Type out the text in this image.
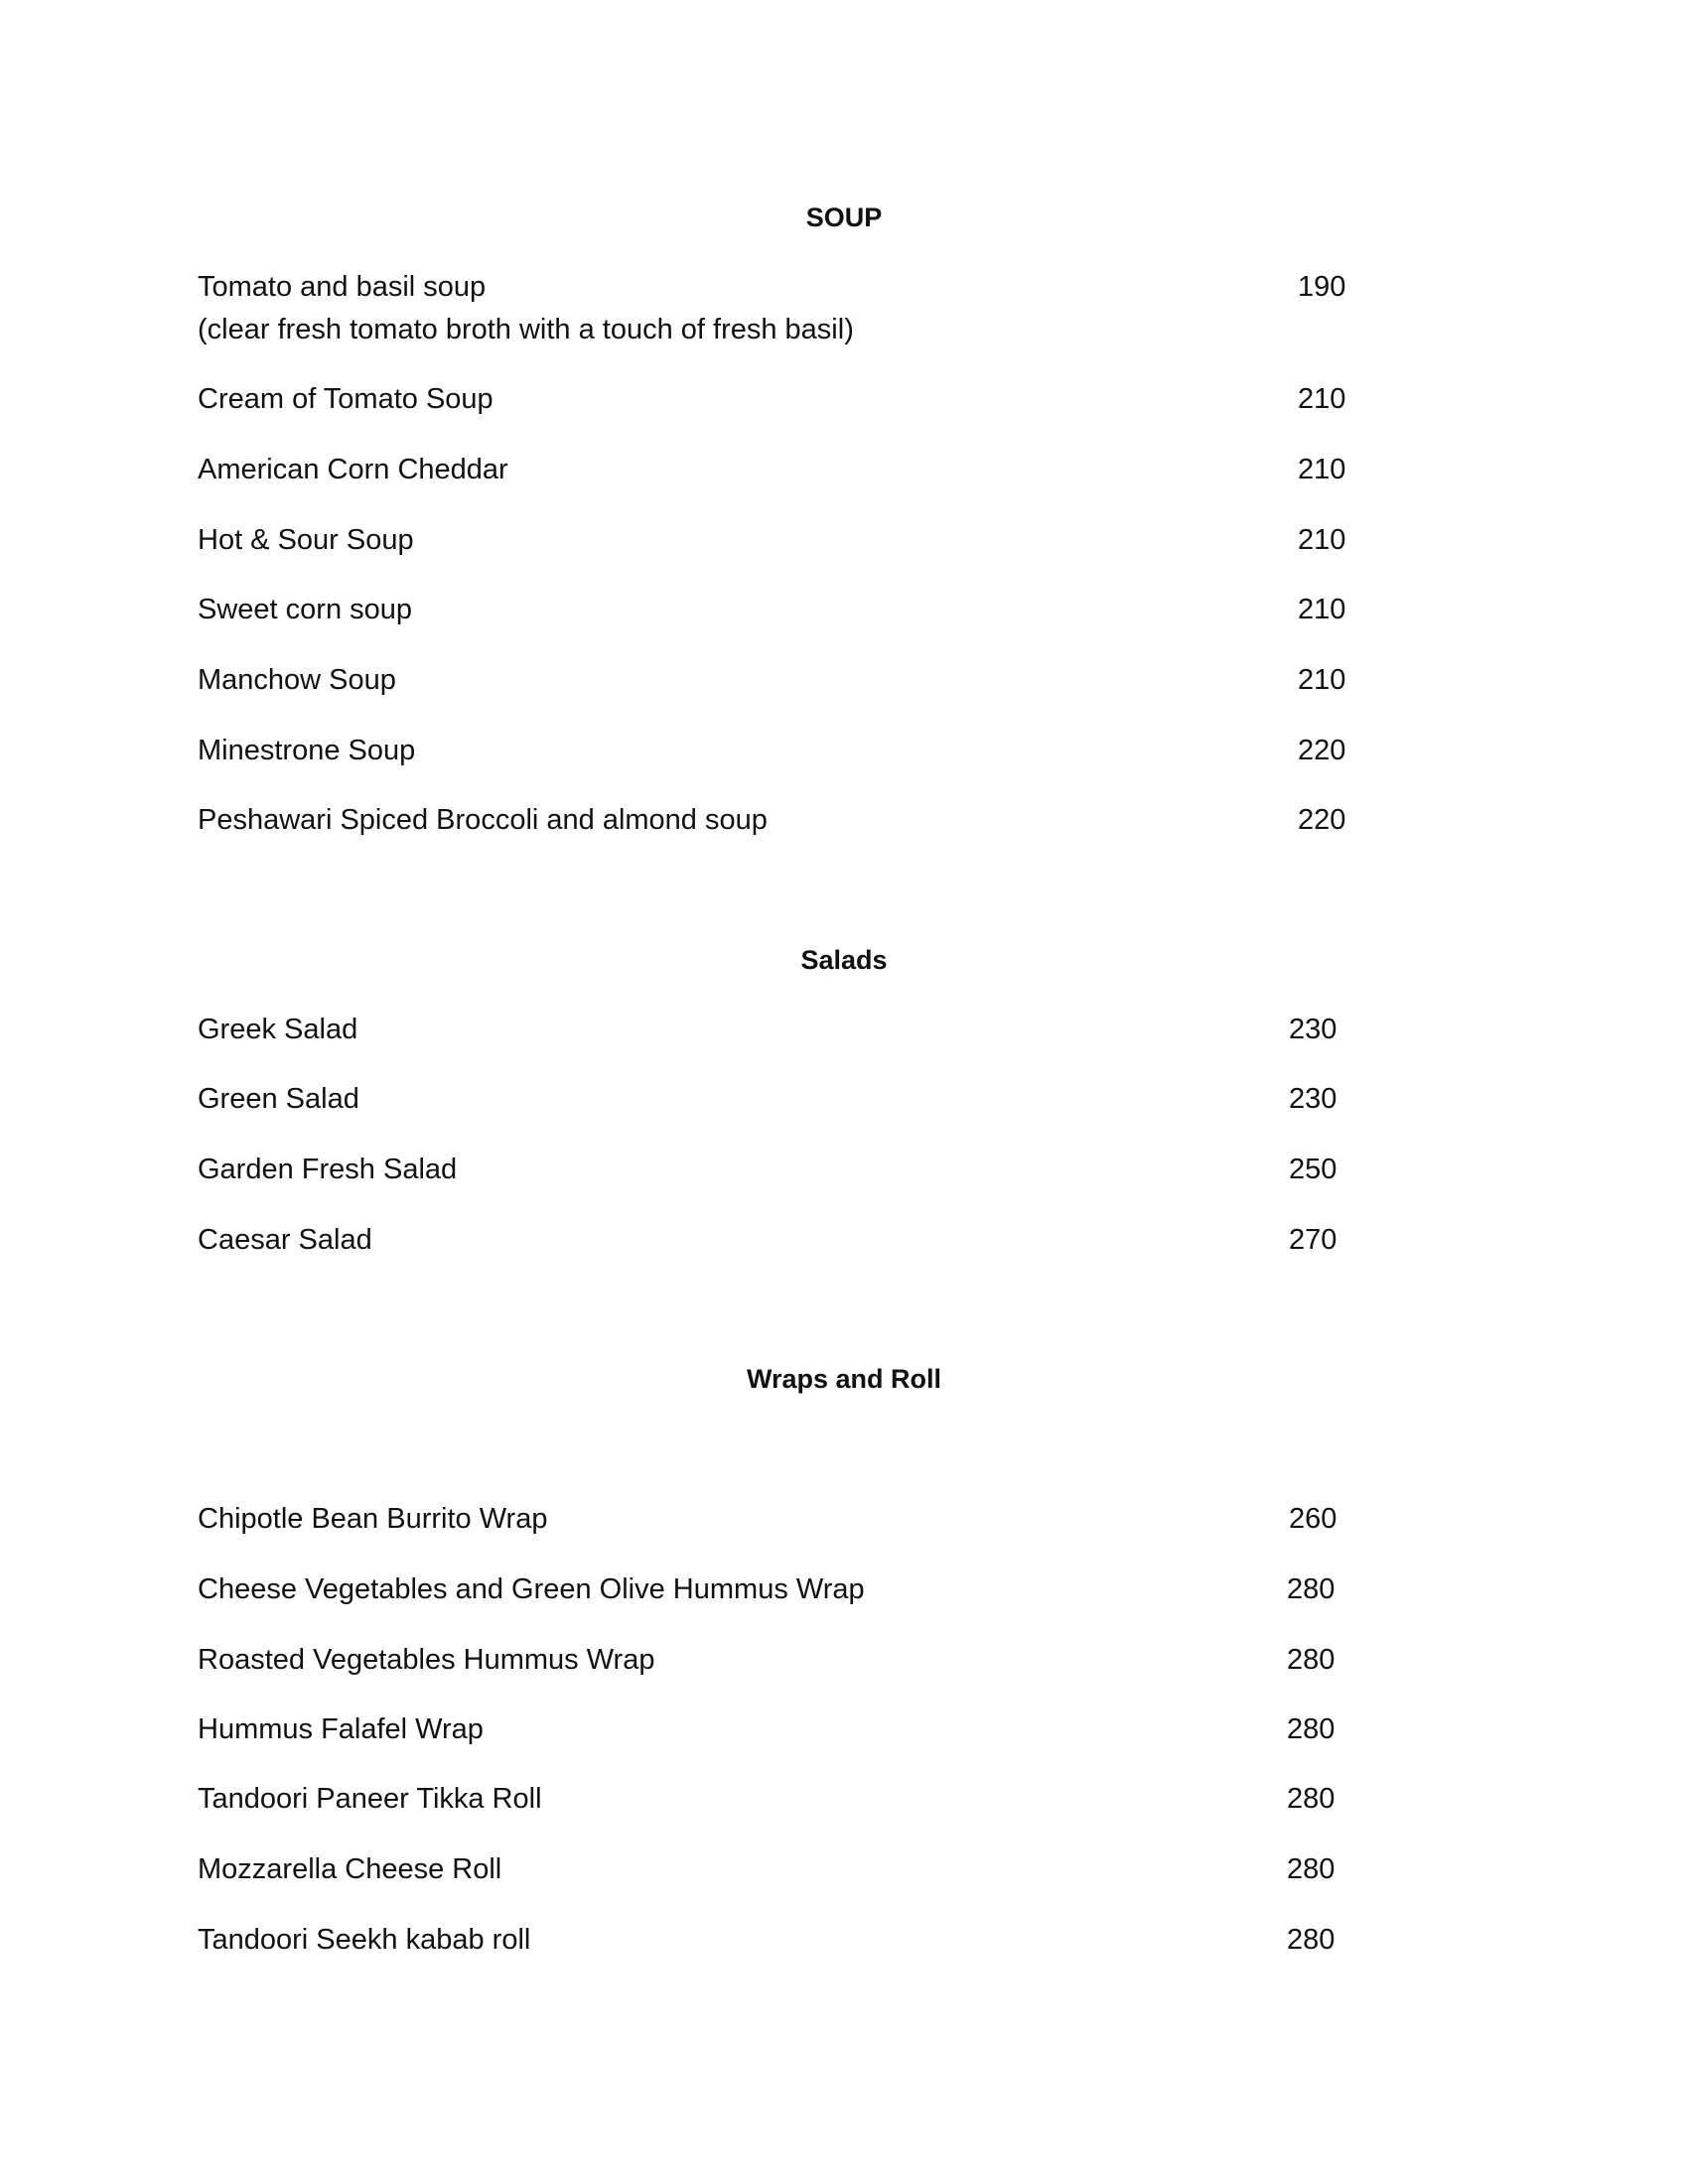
SOUP
Tomato and basil soup	190
(clear fresh tomato broth with a touch of fresh basil)
Cream of Tomato Soup	210
American Corn Cheddar	210
Hot & Sour Soup	210
Sweet corn soup	210
Manchow Soup	210
Minestrone Soup	220
Peshawari Spiced Broccoli and almond soup	220
Salads
Greek Salad	230
Green Salad	230
Garden Fresh Salad	250
Caesar Salad	270
Wraps and Roll
Chipotle Bean Burrito Wrap	260
Cheese Vegetables and Green Olive Hummus Wrap	280
Roasted Vegetables Hummus Wrap	280
Hummus Falafel Wrap	280
Tandoori Paneer Tikka Roll	280
Mozzarella Cheese Roll	280
Tandoori Seekh kabab roll	280
